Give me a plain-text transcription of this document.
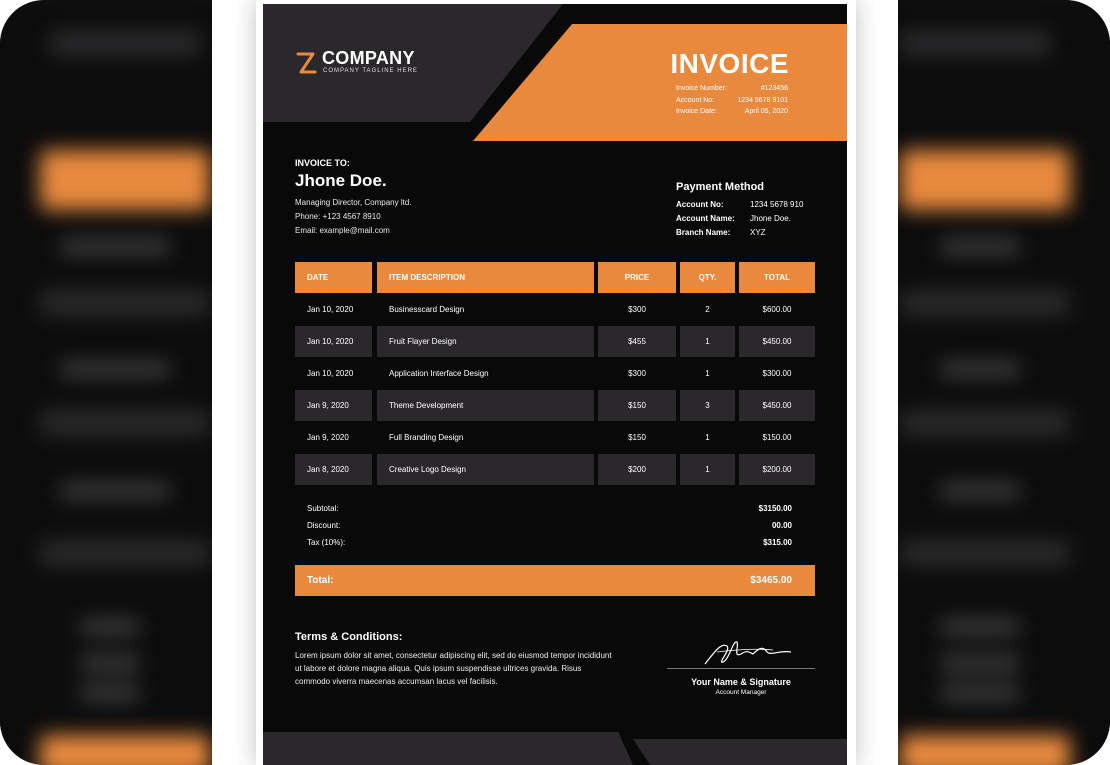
COMPANY
COMPANY TAGLINE HERE	INVOICE
Invoice Number:	#123456
Account No:	1234 5678 9101
Invoice Date:	April 05, 2020
INVOICE TO:
Jhone Doe.
Managing Director, Company ltd.
Phone: +123 4567 8910
Email: example@mail.com
Payment Method
Account No:	1234 5678 910
Account Name: Jhone Doe.
Branch Name: XYZ
DATE	ITEM DESCRIPTION	PRICE	QTY.	TOTAL
Jan 10, 2020	Businesscard Design	$300	2	$600.00
Jan 10, 2020	Fruit Flayer Design	$455	1	$450.00
Jan 10, 2020	Application Interface Design	$300	1	$300.00
Jan 9, 2020	Theme Development	$150	3	$450.00
Jan 9, 2020	Full Branding Design	$150	1	$150.00
Jan 8, 2020	Creative Logo Design	$200	1	$200.00
Subtotal:	$3150.00
Discount:	00.00
Tax (10%):	$315.00
Total:	$3465.00
Terms & Conditions:
Lorem ipsum dolor sit amet, consectetur adipiscing elit, sed do eiusmod tempor incididunt ut labore et dolore magna aliqua. Quis ipsum suspendisse ultrices gravida. Risus commodo viverra maecenas accumsan lacus vel facilisis.	Your Name & Signature
Account Manager
